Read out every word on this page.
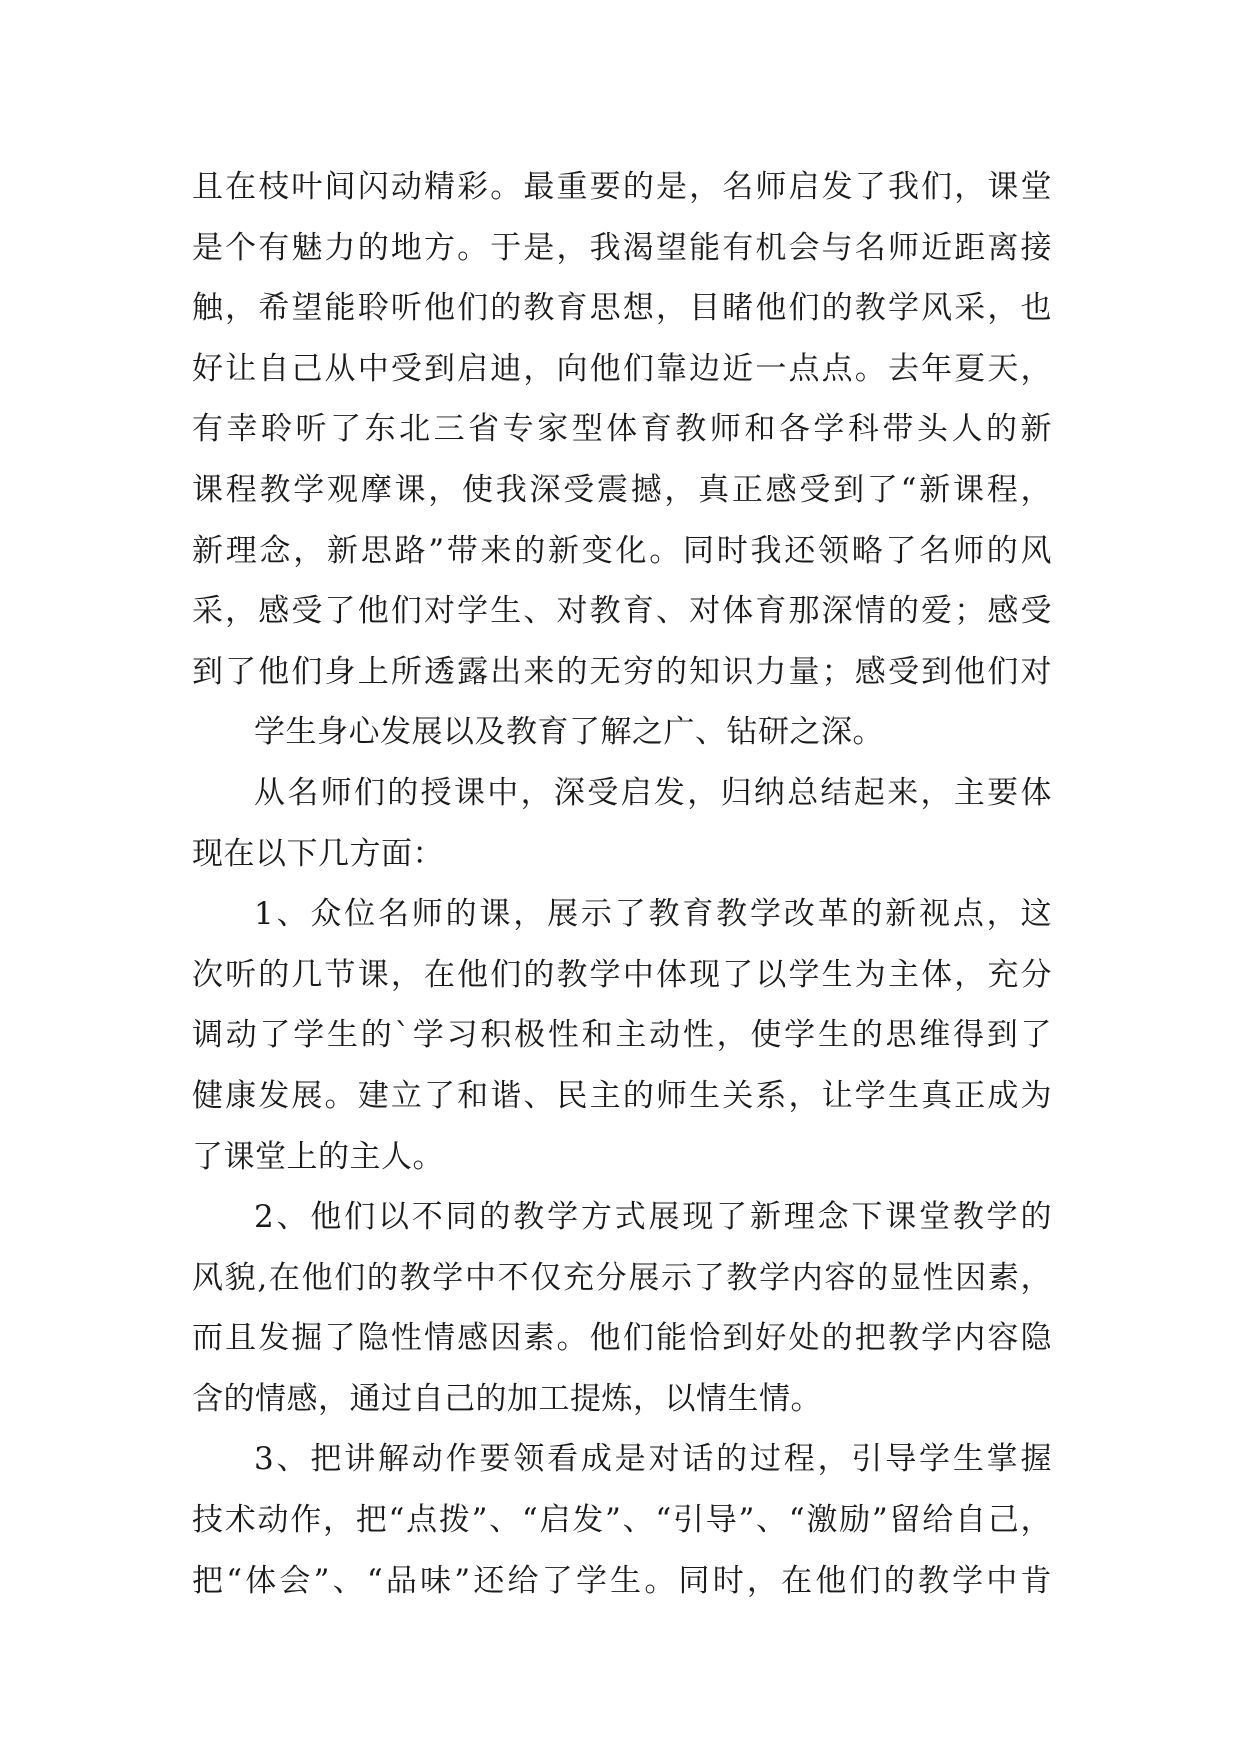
且在枝叶间闪动精彩。最重要的是，名师启发了我们，课堂
是个有魅力的地方。于是，我渴望能有机会与名师近距离接
触，希望能聆听他们的教育思想，目睹他们的教学风采，也
好让自己从中受到启迪，向他们靠边近一点点。去年夏天，
有幸聆听了东北三省专家型体育教师和各学科带头人的新
课程教学观摩课，使我深受震撼，真正感受到了“新课程，
新理念，新思路”带来的新变化。同时我还领略了名师的风
采，感受了他们对学生、对教育、对体育那深情的爱；感受
到了他们身上所透露出来的无穷的知识力量；感受到他们对
学生身心发展以及教育了解之广、钻研之深。
从名师们的授课中，深受启发，归纳总结起来，主要体
现在以下几方面：
1、众位名师的课，展示了教育教学改革的新视点，这
次听的几节课，在他们的教学中体现了以学生为主体，充分
调动了学生的`学习积极性和主动性，使学生的思维得到了
健康发展。建立了和谐、民主的师生关系，让学生真正成为
了课堂上的主人。
2、他们以不同的教学方式展现了新理念下课堂教学的
风貌,在他们的教学中不仅充分展示了教学内容的显性因素，
而且发掘了隐性情感因素。他们能恰到好处的把教学内容隐
含的情感，通过自己的加工提炼，以情生情。
3、把讲解动作要领看成是对话的过程，引导学生掌握
技术动作，把“点拨”、“启发”、“引导”、“激励”留给自己，
把“体会”、“品味”还给了学生。同时，在他们的教学中肯
